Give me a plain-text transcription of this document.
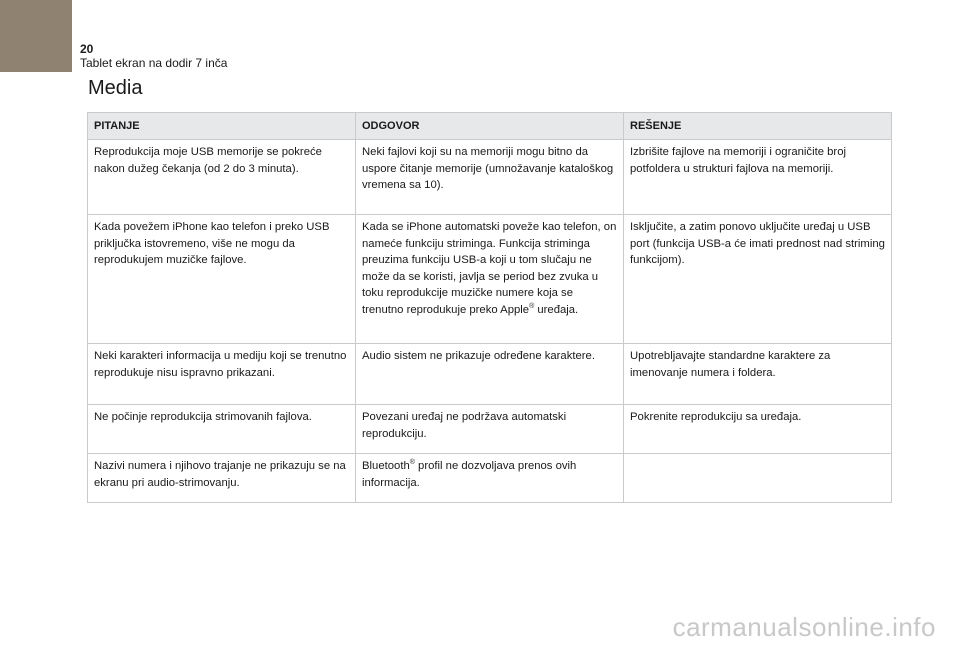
20
Tablet ekran na dodir 7 inča
Media
PITANJE	ODGOVOR	REŠENJE
Reprodukcija moje USB memorije se pokreće nakon dužeg čekanja (od 2 do 3 minuta).	Neki fajlovi koji su na memoriji mogu bitno da uspore čitanje memorije (umnožavanje kataloškog vremena sa 10).	Izbrišite fajlove na memoriji i ograničite broj potfoldera u strukturi fajlova na memoriji.
Kada povežem iPhone kao telefon i preko USB priključka istovremeno, više ne mogu da reprodukujem muzičke fajlove.	Kada se iPhone automatski poveže kao telefon, on nameće funkciju striminga. Funkcija strimingа preuzima funkciju USB-a koji u tom slučaju ne može da se koristi, javlja se period bez zvuka u toku reprodukcije muzičke numere koja se trenutno reprodukuje preko Apple® uređaja.	Isključite, a zatim ponovo uključite uređaj u USB port (funkcija USB-a će imati prednost nad striming funkcijom).
Neki karakteri informacija u mediju koji se trenutno reprodukuje nisu ispravno prikazani.	Audio sistem ne prikazuje određene karaktere.	Upotrebljavajte standardne karaktere za imenovanje numera i foldera.
Ne počinje reprodukcija strimovanih fajlova.	Povezani uređaj ne podržava automatski reprodukciju.	Pokrenite reprodukciju sa uređaja.
Nazivi numera i njihovo trajanje ne prikazuju se na ekranu pri audio-strimovanju.	Bluetooth® profil ne dozvoljava prenos ovih informacija.	
carmanualsonline.info
